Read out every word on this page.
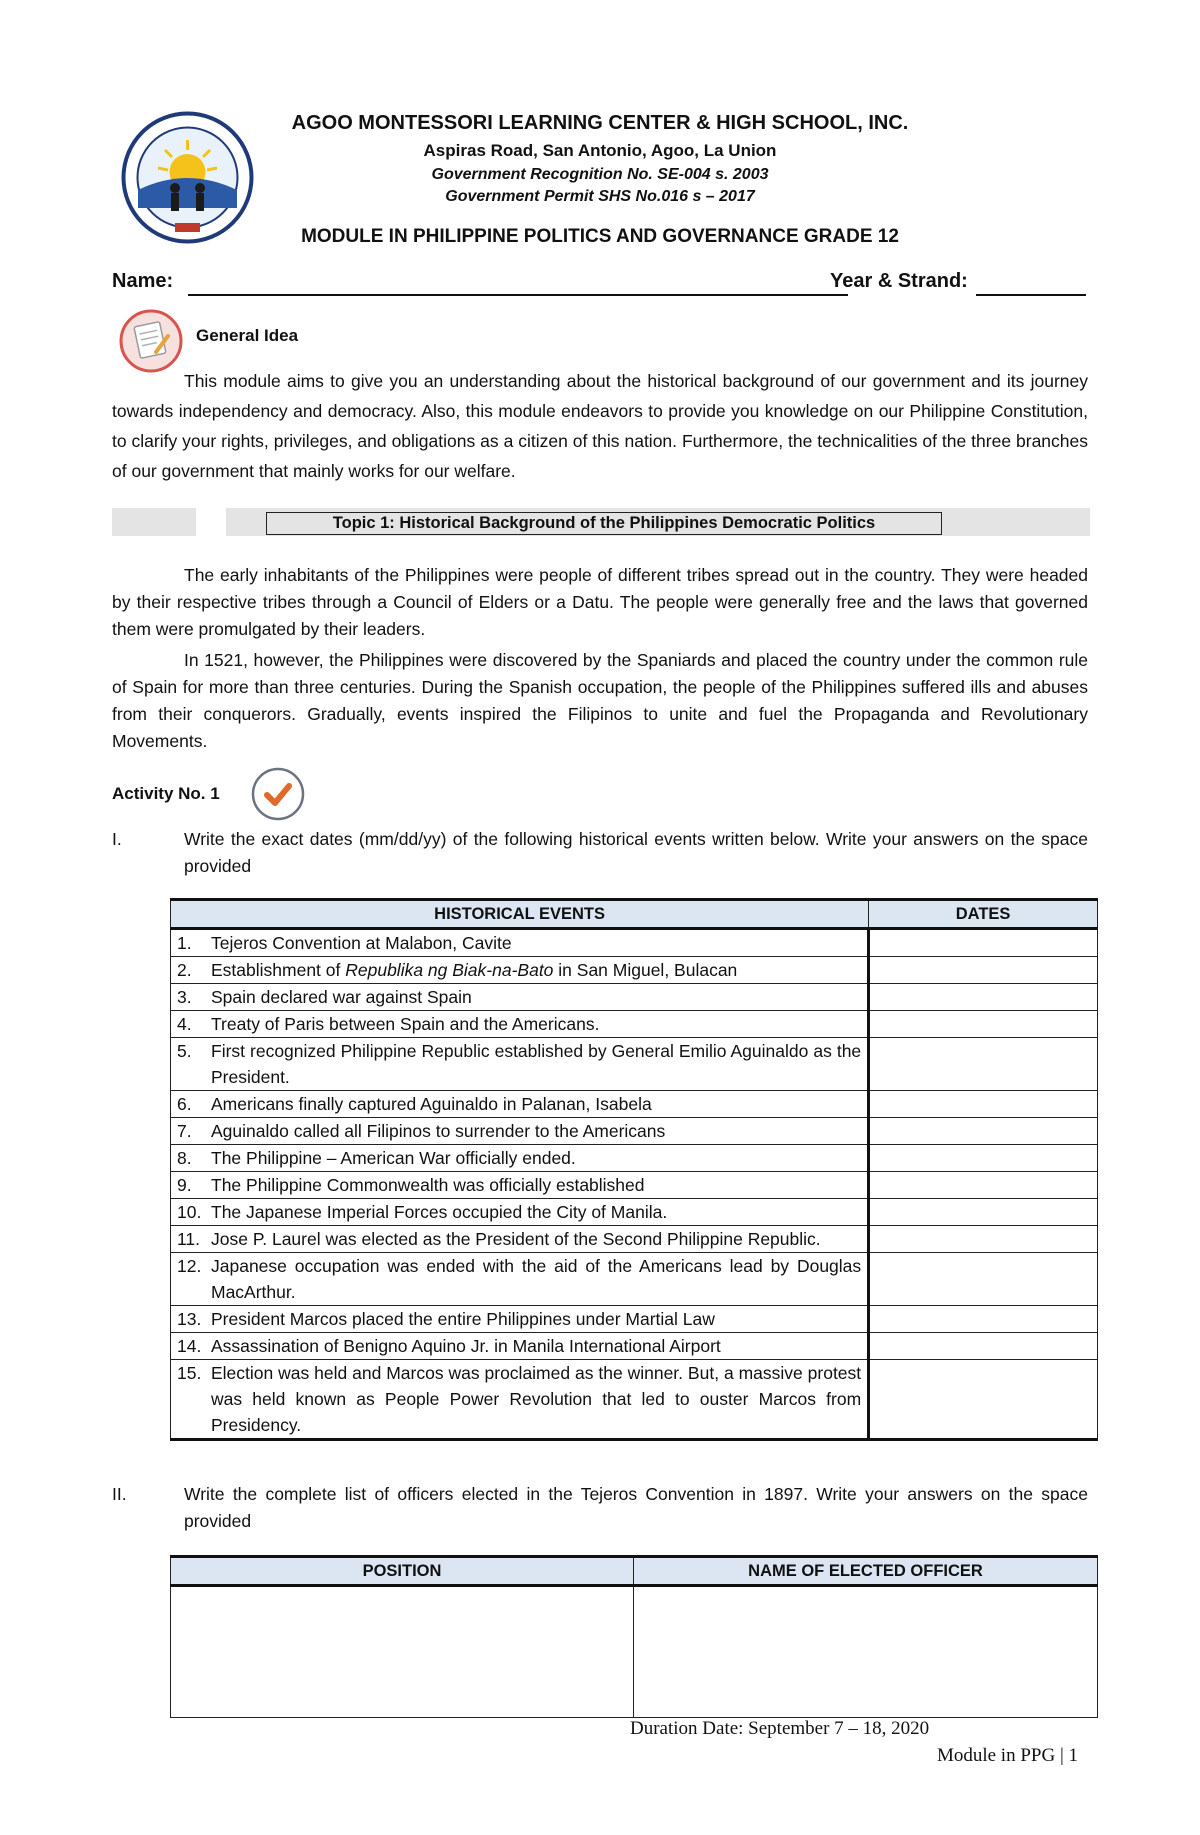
AGOO MONTESSORI LEARNING CENTER & HIGH SCHOOL, INC.
Aspiras Road, San Antonio, Agoo, La Union
Government Recognition No. SE-004 s. 2003
Government Permit SHS No.016 s – 2017
MODULE IN PHILIPPINE POLITICS AND GOVERNANCE GRADE 12
Name:	Year & Strand:
General Idea

This module aims to give you an understanding about the historical background of our government and its journey towards independency and democracy. Also, this module endeavors to provide you knowledge on our Philippine Constitution, to clarify your rights, privileges, and obligations as a citizen of this nation. Furthermore, the technicalities of the three branches of our government that mainly works for our welfare.

Topic 1: Historical Background of the Philippines Democratic Politics

The early inhabitants of the Philippines were people of different tribes spread out in the country. They were headed by their respective tribes through a Council of Elders or a Datu. The people were generally free and the laws that governed them were promulgated by their leaders.

In 1521, however, the Philippines were discovered by the Spaniards and placed the country under the common rule of Spain for more than three centuries. During the Spanish occupation, the people of the Philippines suffered ills and abuses from their conquerors. Gradually, events inspired the Filipinos to unite and fuel the Propaganda and Revolutionary Movements.

Activity No. 1
I.	Write the exact dates (mm/dd/yy) of the following historical events written below. Write your answers on the space provided
HISTORICAL EVENTS	DATES

1. Tejeros Convention at Malabon, Cavite	

2. Establishment of Republika ng Biak-na-Bato in San Miguel, Bulacan	

3. Spain declared war against Spain	

4. Treaty of Paris between Spain and the Americans.	

5. First recognized Philippine Republic established by General Emilio Aguinaldo as the President.	

6. Americans finally captured Aguinaldo in Palanan, Isabela	

7. Aguinaldo called all Filipinos to surrender to the Americans	

8. The Philippine – American War officially ended.	

9. The Philippine Commonwealth was officially established	

10. The Japanese Imperial Forces occupied the City of Manila.	

11. Jose P. Laurel was elected as the President of the Second Philippine Republic.	

12. Japanese occupation was ended with the aid of the Americans lead by Douglas MacArthur.	

13. President Marcos placed the entire Philippines under Martial Law	

14. Assassination of Benigno Aquino Jr. in Manila International Airport	

15. Election was held and Marcos was proclaimed as the winner. But, a massive protest was held known as People Power Revolution that led to ouster Marcos from Presidency.	

II.	Write the complete list of officers elected in the Tejeros Convention in 1897. Write your answers on the space provided
POSITION	NAME OF ELECTED OFFICER

Duration Date: September 7 – 18, 2020
Module in PPG | 1
